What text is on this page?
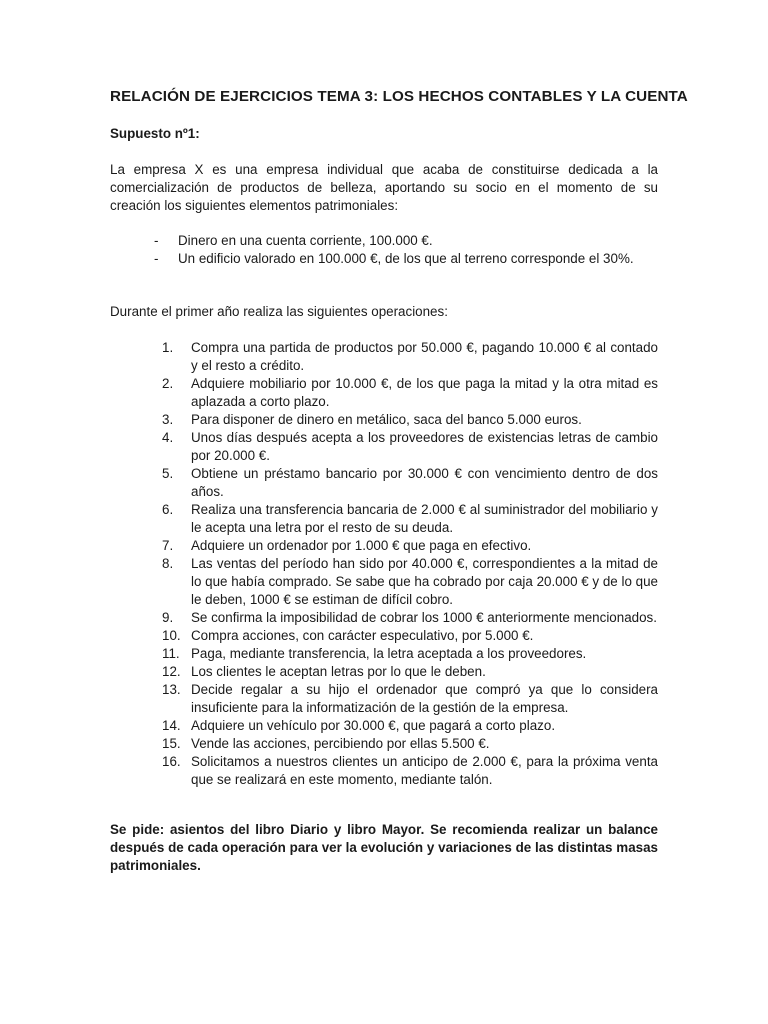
RELACIÓN DE EJERCICIOS TEMA 3: LOS HECHOS CONTABLES Y LA CUENTA
Supuesto nº1:
La empresa X es una empresa individual que acaba de constituirse dedicada a la comercialización de productos de belleza, aportando su socio en el momento de su creación los siguientes elementos patrimoniales:
- Dinero en una cuenta corriente, 100.000 €.
- Un edificio valorado en 100.000 €, de los que al terreno corresponde el 30%.
Durante el primer año realiza las siguientes operaciones:
1.	Compra una partida de productos por 50.000 €, pagando 10.000 € al contado y el resto a crédito.
2.	Adquiere mobiliario por 10.000 €, de los que paga la mitad y la otra mitad es aplazada a corto plazo.
3.	Para disponer de dinero en metálico, saca del banco 5.000 euros.
4.	Unos días después acepta a los proveedores de existencias letras de cambio por 20.000 €.
5.	Obtiene un préstamo bancario por 30.000 € con vencimiento dentro de dos años.
6.	Realiza una transferencia bancaria de 2.000 € al suministrador del mobiliario y le acepta una letra por el resto de su deuda.
7.	Adquiere un ordenador por 1.000 € que paga en efectivo.
8.	Las ventas del período han sido por 40.000 €, correspondientes a la mitad de lo que había comprado. Se sabe que ha cobrado por caja 20.000 € y de lo que le deben, 1000 € se estiman de difícil cobro.
9.	Se confirma la imposibilidad de cobrar los 1000 € anteriormente mencionados.
10. Compra acciones, con carácter especulativo, por 5.000 €.
11. Paga, mediante transferencia, la letra aceptada a los proveedores.
12. Los clientes le aceptan letras por lo que le deben.
13. Decide regalar a su hijo el ordenador que compró ya que lo considera insuficiente para la informatización de la gestión de la empresa.
14. Adquiere un vehículo por 30.000 €, que pagará a corto plazo.
15. Vende las acciones, percibiendo por ellas 5.500 €.
16. Solicitamos a nuestros clientes un anticipo de 2.000 €, para la próxima venta que se realizará en este momento, mediante talón.
Se pide: asientos del libro Diario y libro Mayor. Se recomienda realizar un balance después de cada operación para ver la evolución y variaciones de las distintas masas patrimoniales.
